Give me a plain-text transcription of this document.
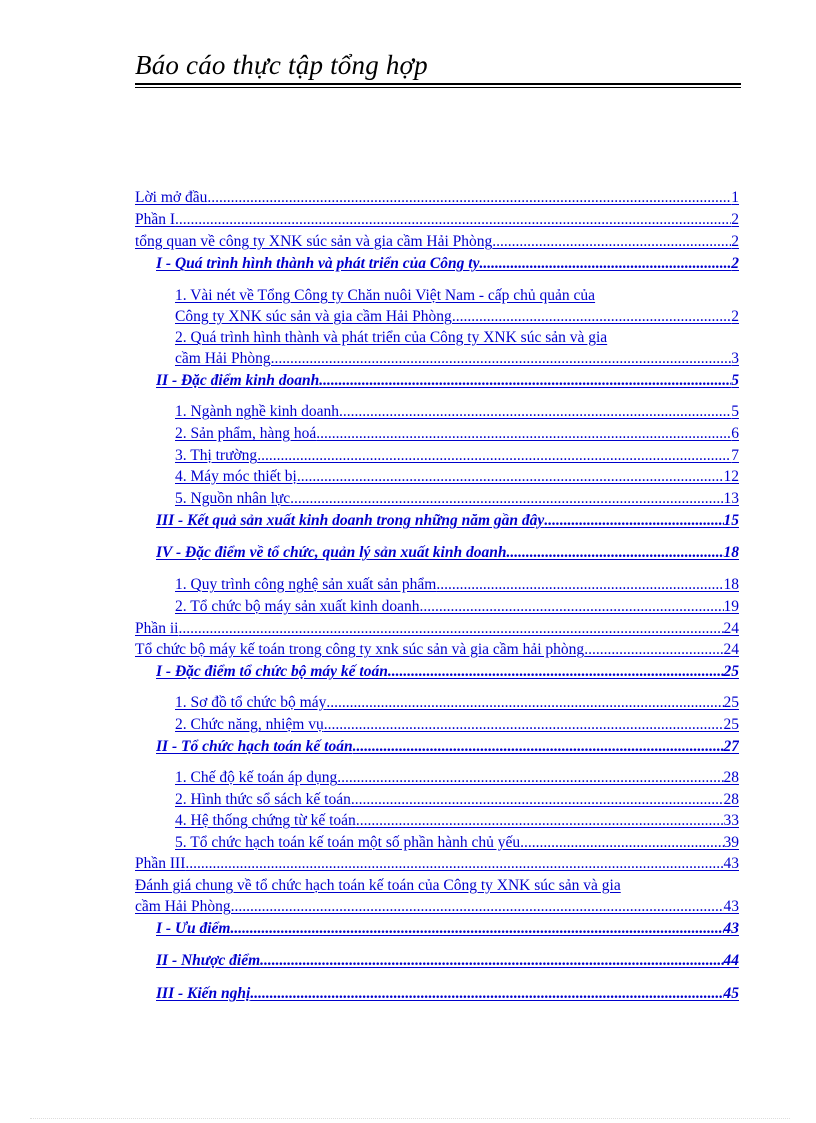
Báo cáo thực tập tổng hợp
Lời mở đầu .....	1
Phần I .....	2
tổng quan về công ty XNK súc sản và gia cầm Hải Phòng .....	2
I - Quá trình hình thành và phát triển của Công ty .....	2
1. Vài nét về Tổng Công ty Chăn nuôi Việt Nam - cấp chủ quản của
Công ty XNK súc sản và gia cầm Hải Phòng .....	2
2. Quá trình hình thành và phát triển của Công ty XNK súc sản và gia
cầm Hải Phòng. .....	3
II - Đặc điểm kinh doanh .....	5
1. Ngành nghề kinh doanh .....	5
2. Sản phẩm, hàng hoá .....	6
3. Thị trường .....	7
4. Máy móc thiết bị .....	12
5. Nguồn nhân lực .....	13
III - Kết quả sản xuất kinh doanh trong những năm gần đây .....	15
IV - Đặc điểm về tổ chức, quản lý sản xuất kinh doanh .....	18
1. Quy trình công nghệ sản xuất sản phẩm .....	18
2. Tổ chức bộ máy sản xuất kinh doanh .....	19
Phần ii .....	24
Tổ chức bộ máy kế toán trong công ty xnk súc sản và gia cầm hải phòng .....	24
I - Đặc điểm tổ chức bộ máy kế toán .....	25
1. Sơ đồ tổ chức bộ máy .....	25
2. Chức năng, nhiệm vụ .....	25
II - Tổ chức hạch toán kế toán .....	27
1. Chế độ kế toán áp dụng .....	28
2. Hình thức sổ sách kế toán .....	28
4. Hệ thống chứng từ kế toán .....	33
5. Tổ chức hạch toán kế toán một số phần hành chủ yếu .....	39
Phần III .....	43
Đánh giá chung về tổ chức hạch toán kế toán của Công ty XNK súc sản và gia
cầm Hải Phòng .....	43
I - Ưu điểm .....	43
II - Nhược điểm .....	44
III - Kiến nghị .....	45
